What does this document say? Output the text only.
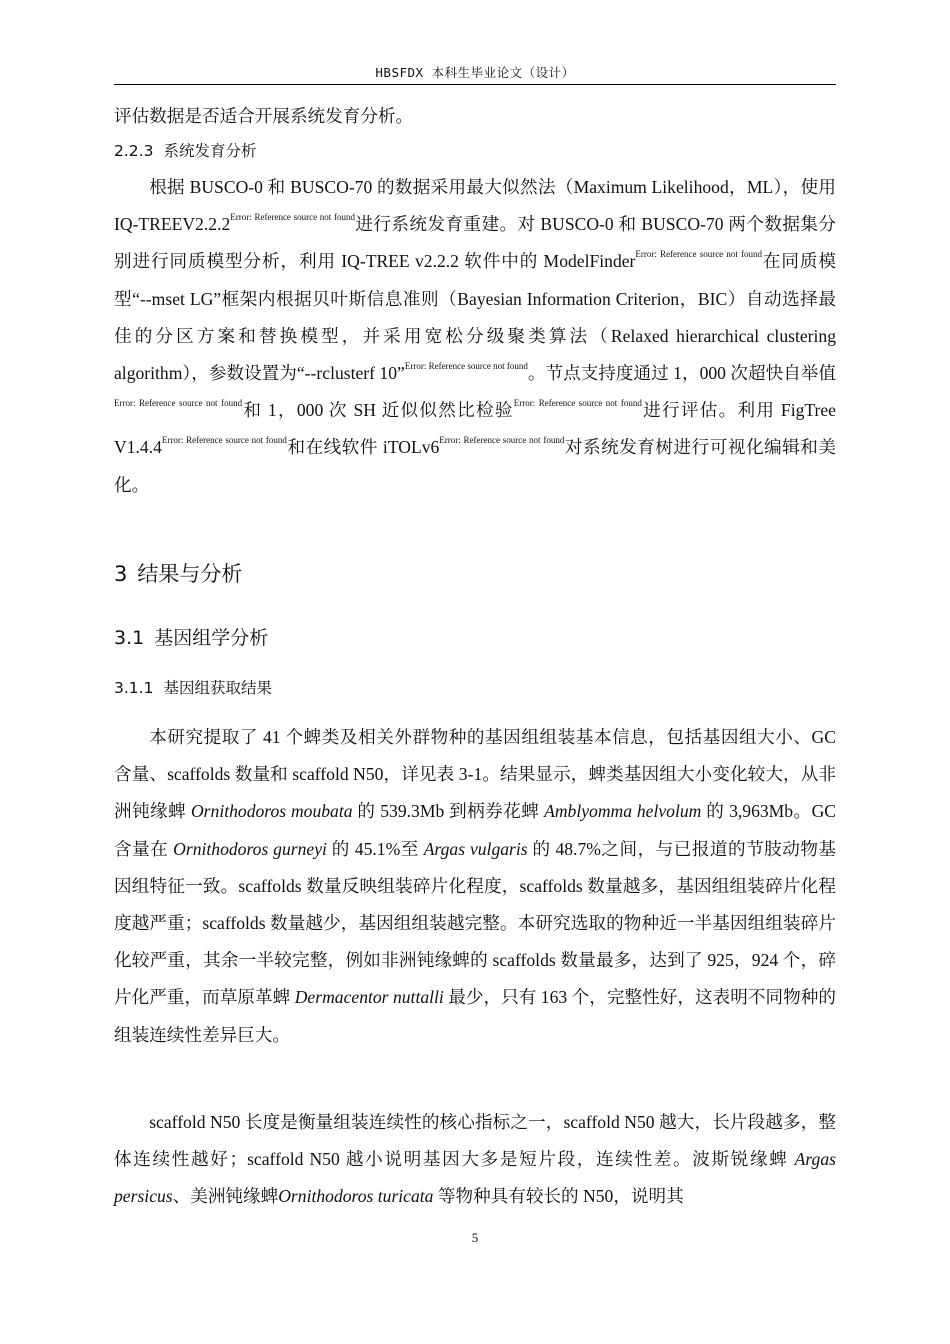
HBSFDX 本科生毕业论文（设计）

评估数据是否适合开展系统发育分析。

2.2.3 系统发育分析

根据 BUSCO-0 和 BUSCO-70 的数据采用最大似然法（Maximum Likelihood，ML），使用 $IQ-TREEV2.2.2^{Error: Reference source not found}$进行系统发育重建。对 BUSCO-0 和 BUSCO-70 两个数据集分别进行同质模型分析，利用 IQ-TREE v2.2.2 软件中的 ModelFinder$^{Error: Reference source not found}$在同质模型“--mset LG”框架内根据贝叶斯信息准则（Bayesian Information Criterion，BIC）自动选择最佳的分区方案和替换模型，并采用宽松分级聚类算法（Relaxed hierarchical clustering algorithm），参数设置为“--rclusterf 10”$^{Error: Reference source not found}$。节点支持度通过 1，000 次超快自举值$^{Error: Reference source not found}$和 1，000 次 SH 近似似然比检验$^{Error: Reference source not found}$进行评估。利用 FigTree $V1.4.4^{Error: Reference source not found}$和在线软件 $iTOLv6^{Error: Reference source not found}$对系统发育树进行可视化编辑和美化。

3 结果与分析
3.1 基因组学分析
3.1.1 基因组获取结果

本研究提取了 41 个蜱类及相关外群物种的基因组组装基本信息，包括基因组大小、GC 含量、scaffolds 数量和 scaffold N50，详见表 3-1。结果显示，蜱类基因组大小变化较大，从非洲钝缘蜱 Ornithodoros moubata 的 539.3Mb 到柄券花蜱 Amblyomma helvolum 的 3,963Mb。GC 含量在 Ornithodoros gurneyi 的 45.1%至 Argas vulgaris 的 48.7%之间，与已报道的节肢动物基因组特征一致。scaffolds 数量反映组装碎片化程度，scaffolds 数量越多，基因组组装碎片化程度越严重；scaffolds 数量越少，基因组组装越完整。本研究选取的物种近一半基因组组装碎片化较严重，其余一半较完整，例如非洲钝缘蜱的 scaffolds 数量最多，达到了 925，924 个，碎片化严重，而草原革蜱 Dermacentor nuttalli 最少，只有 163 个，完整性好，这表明不同物种的组装连续性差异巨大。

scaffold N50 长度是衡量组装连续性的核心指标之一，scaffold N50 越大，长片段越多，整体连续性越好；scaffold N50 越小说明基因大多是短片段，连续性差。波斯锐缘蜱 Argas persicus、美洲钝缘蜱Ornithodoros turicata 等物种具有较长的 N50，说明其

5
